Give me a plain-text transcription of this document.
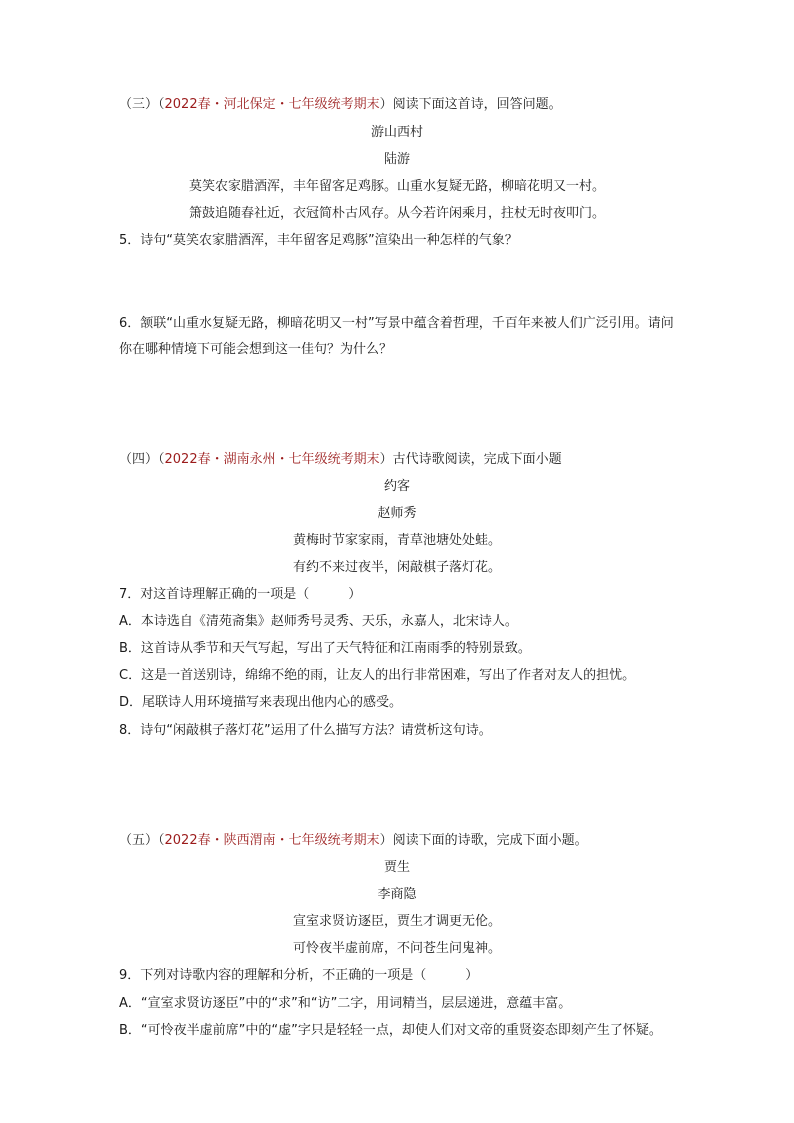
（三）（2022春・河北保定・七年级统考期末）阅读下面这首诗，回答问题。
游山西村
陆游
莫笑农家腊酒浑，丰年留客足鸡豚。山重水复疑无路，柳暗花明又一村。
箫鼓追随春社近，衣冠简朴古风存。从今若许闲乘月，拄杖无时夜叩门。
5．诗句“莫笑农家腊酒浑，丰年留客足鸡豚”渲染出一种怎样的气象？
6．颔联“山重水复疑无路，柳暗花明又一村”写景中蕴含着哲理，千百年来被人们广泛引用。请问
你在哪种情境下可能会想到这一佳句？为什么？
（四）（2022春・湖南永州・七年级统考期末）古代诗歌阅读，完成下面小题
约客
赵师秀
黄梅时节家家雨，青草池塘处处蛙。
有约不来过夜半，闲敲棋子落灯花。
7．对这首诗理解正确的一项是（　　　）
A．本诗选自《清苑斋集》赵师秀号灵秀、天乐，永嘉人，北宋诗人。
B．这首诗从季节和天气写起，写出了天气特征和江南雨季的特别景致。
C．这是一首送别诗，绵绵不绝的雨，让友人的出行非常困难，写出了作者对友人的担忧。
D．尾联诗人用环境描写来表现出他内心的感受。
8．诗句“闲敲棋子落灯花”运用了什么描写方法？请赏析这句诗。
（五）（2022春・陕西渭南・七年级统考期末）阅读下面的诗歌，完成下面小题。
贾生
李商隐
宣室求贤访逐臣，贾生才调更无伦。
可怜夜半虚前席，不问苍生问鬼神。
9．下列对诗歌内容的理解和分析，不正确的一项是（　　　）
A．“宣室求贤访逐臣”中的“求”和“访”二字，用词精当，层层递进，意蕴丰富。
B．“可怜夜半虚前席”中的“虚”字只是轻轻一点，却使人们对文帝的重贤姿态即刻产生了怀疑。
